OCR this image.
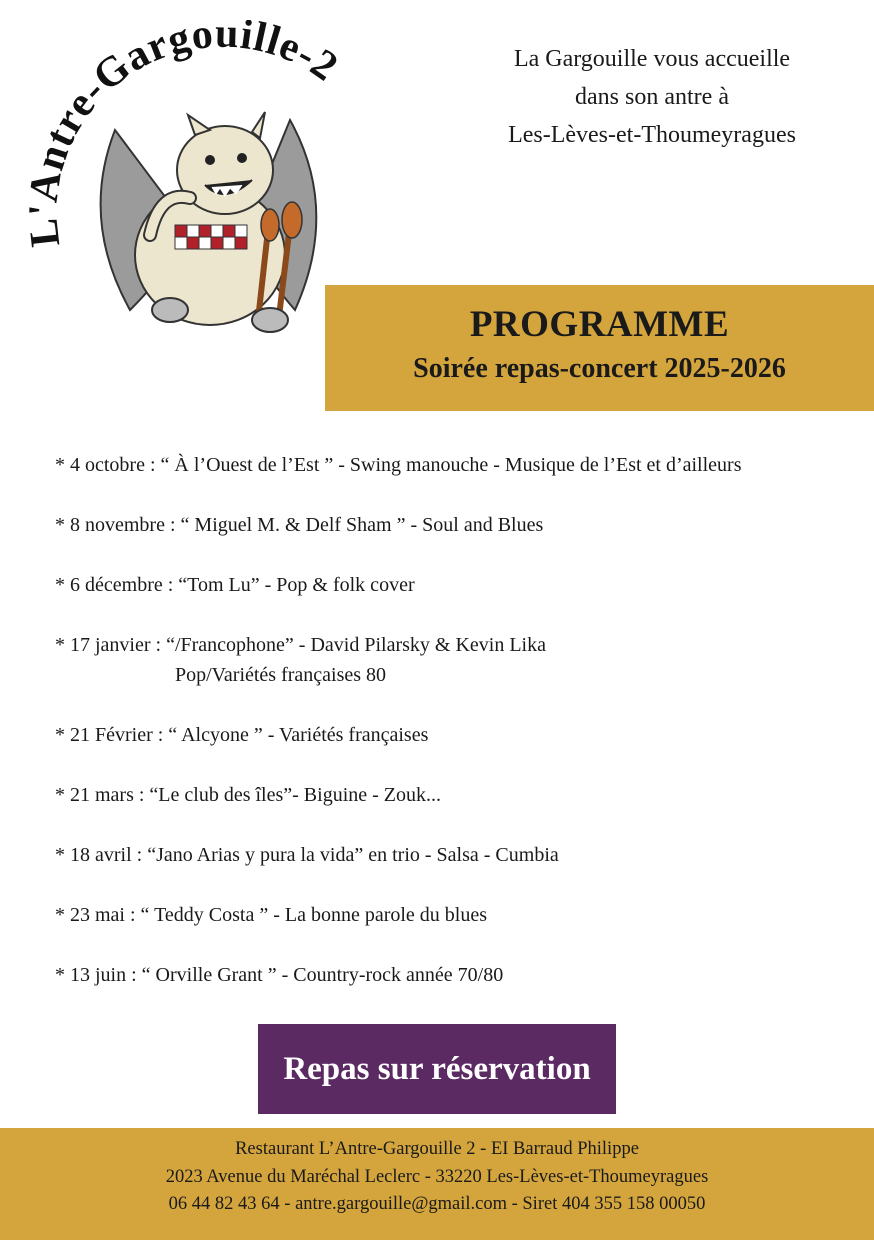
L'Antre-Gargouille-2	La Gargouille vous accueille
dans son antre à
Les-Lèves-et-Thoumeyragues
PROGRAMME
Soirée repas-concert 2025-2026
* 4 octobre : “ À l’Ouest de l’Est ” - Swing manouche - Musique de l’Est et d’ailleurs
* 8 novembre : “ Miguel M. & Delf Sham ” - Soul and Blues
* 6 décembre : “Tom Lu” - Pop & folk cover
* 17 janvier : “/Francophone” - David Pilarsky & Kevin Lika
Pop/Variétés françaises 80
* 21 Février : “ Alcyone ” - Variétés françaises
* 21 mars : “Le club des îles”- Biguine - Zouk...
* 18 avril : “Jano Arias y pura la vida” en trio - Salsa - Cumbia
* 23 mai : “ Teddy Costa ” - La bonne parole du blues
* 13 juin : “ Orville Grant ” - Country-rock année 70/80
Repas sur réservation
Restaurant L’Antre-Gargouille 2 - EI Barraud Philippe
2023 Avenue du Maréchal Leclerc - 33220 Les-Lèves-et-Thoumeyragues
06 44 82 43 64 - antre.gargouille@gmail.com - Siret 404 355 158 00050
